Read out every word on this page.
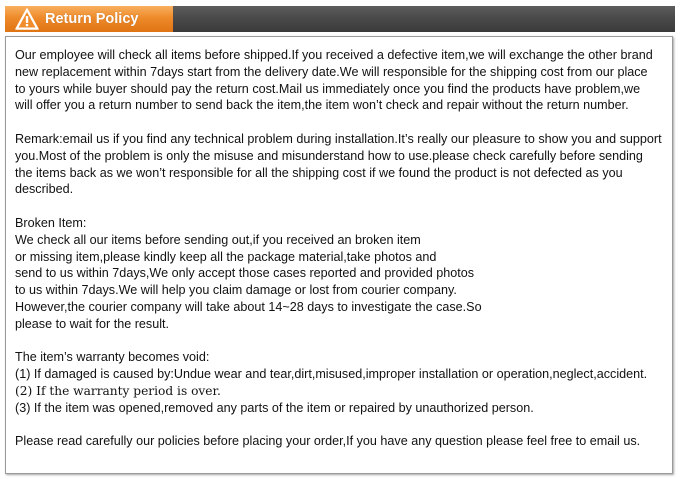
Return Policy
Our employee will check all items before shipped.If you received a defective item,we will exchange the other brand
new replacement within 7days start from the delivery date.We will responsible for the shipping cost from our place
to yours while buyer should pay the return cost.Mail us immediately once you find the products have problem,we
will offer you a return number to send back the item,the item won’t check and repair without the return number.
Remark:email us if you find any technical problem during installation.It’s really our pleasure to show you and support
you.Most of the problem is only the misuse and misunderstand how to use.please check carefully before sending
the items back as we won’t responsible for all the shipping cost if we found the product is not defected as you
described.
Broken Item:
We check all our items before sending out,if you received an broken item
or missing item,please kindly keep all the package material,take photos and
send to us within 7days,We only accept those cases reported and provided photos
to us within 7days.We will help you claim damage or lost from courier company.
However,the courier company will take about 14~28 days to investigate the case.So
please to wait for the result.
The item’s warranty becomes void:
(1) If damaged is caused by:Undue wear and tear,dirt,misused,improper installation or operation,neglect,accident.
(2) If the warranty period is over.
(3) If the item was opened,removed any parts of the item or repaired by unauthorized person.
Please read carefully our policies before placing your order,If you have any question please feel free to email us.
